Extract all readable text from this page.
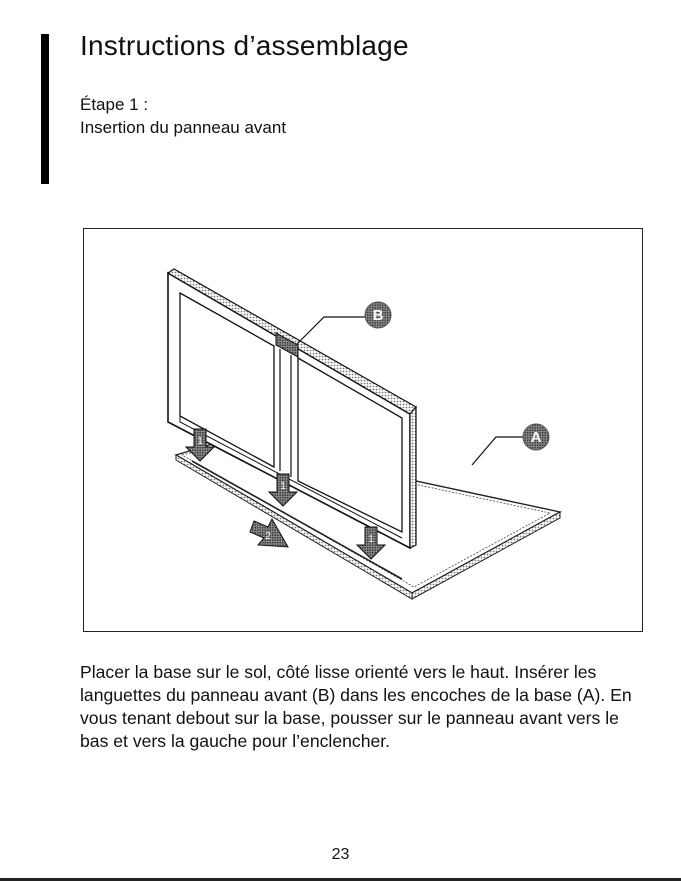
Instructions d’assemblage
Étape 1 :
Insertion du panneau avant
1
1
1
2
B
A

Placer la base sur le sol, côté lisse orienté vers le haut. Insérer les languettes du panneau avant (B) dans les encoches de la base (A). En vous tenant debout sur la base, pousser sur le panneau avant vers le bas et vers la gauche pour l’enclencher.

23
